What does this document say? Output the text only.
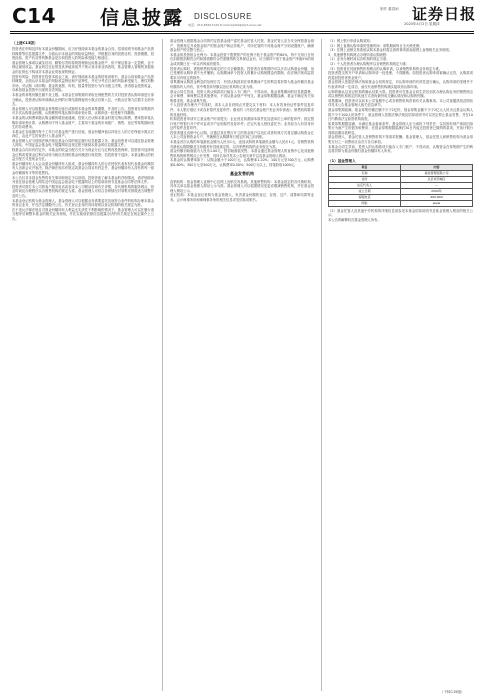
C14 信息披露 DISCLOSURE
电话：010-85617120 E-mail:zqrb9@zqrb.sina.net
制作 董春雨 证券日报
2020年4月2日 星期四
（上接C13版）

投资者在申购及持有本基金份额期间，应当仔细阅读本基金的基金合同、招募说明书和基金产品资料概要等信息披露文件，全面认识本基金的风险收益特征，并根据自身的投资目的、投资期限、投资经验、资产状况等判断基金是否和投资人的风险承受能力相适应。

基金管理人承诺以诚实信用、勤勉尽责的原则管理和运用基金资产，但不保证基金一定盈利，也不保证最低收益。基金的过往业绩及其净值高低并不预示其未来业绩表现，基金管理人管理的其他基金的业绩也不构成对本基金业绩表现的保证。

投资有风险，投资者在投资本基金之前，请仔细阅读本基金的招募说明书、基金合同和基金产品资料概要，全面认识本基金的风险收益特征和产品特性，并充分考虑自身的风险承受能力，理性判断市场，对认购（或申购）基金的意愿、时机、数量等投资行为作出独立决策，获得基金投资收益，亦承担基金投资中出现的各类风险。

本基金的募集份额总额不设上限。本基金在募集期内采取比例配售的方式对投资者认购申请进行部分确认，投资者认购申请确认比例的计算结果保留到小数点后第八位，小数点后第九位数字全部舍去。

基金管理人可以根据基金募集情况延长或缩短本基金的募集期限，并及时公告。投资者在募集期内可多次认购基金份额，认购费按每笔认购申请单独计算。认购申请一经受理不得撤销。

本基金的认购费率随认购金额的增加而递减，投资人在认购本基金时需交纳认购费，费率按单笔认购申请单独计算，认购费用不列入基金财产，主要用于基金的市场推广、销售、登记等募集期间发生的各项费用。

本基金在存续期内每个工作日对基金资产进行估值，基金份额净值以四舍五入的方法保留小数点后四位，由此产生的误差计入基金财产。

基金管理人应当按照法律法规及基金合同的规定履行信息披露义务，基金投资者可以通过基金管理人网站、中国证监会基金电子披露网站及规定报刊查阅本基金的信息披露文件。

除基金合同另有约定外，本基金的收益分配方式分为现金分红与红利再投资两种，投资者可选择现金红利或将现金红利自动转为相应类别的基金份额进行再投资；若投资者不选择，本基金默认的收益分配方式是现金分红。

基金份额持有人大会由基金份额持有人组成，基金份额持有人的合法授权代表有权代表基金份额持有人出席会议并表决。除法律法规另有规定或基金合同另有约定外，基金份额持有人持有的每一基金份额拥有平等的投票权。

本公告仅对本基金发售的有关事项和规定予以说明。投资者欲了解本基金的详细情况，请详细阅读刊登在基金管理人网站及中国证监会基金电子披露网站上的招募说明书及基金合同等法律文件。

投资者可拨打本公司的客户服务电话或登录本公司网站咨询有关详情，各代销机构的服务网点、营业时间及办理程序以各销售机构的规定为准。基金管理人可综合各种情况对募集安排做适当调整并及时公告。

本基金登记机构为基金管理人。基金管理人可以根据业务需要委托其他符合条件的机构办理本基金的登记业务，并在法定期限内公告，有关登记业务的具体规则以登记机构的相关规定为准。

在不违反法律法规且对基金份额持有人利益无实质性不利影响的情况下，基金管理人可以在履行适当程序后调整本基金的相关业务规则，并在实施前依照信息披露办法的有关规定在规定媒介上公告。

基金管理人根据基金合同的约定将基金财产委托基金托管人托管，基金托管人应当安全保管基金财产，按照规定开设基金财产的资金账户和证券账户，对所托管的不同基金财产分别设置账户，确保基金财产的完整与独立。

本基金的投资组合比例为：本基金投资于股票资产的比例不低于基金资产的80%，每个交易日日终在扣除股指期货合约和国债期货合约需缴纳的交易保证金后，应当保持不低于基金资产净值5%的现金或到期日在一年以内的政府债券。

投资者认购时，需按销售机构规定的方式全额缴款。投资者在募集期内可以多次认购基金份额，但已受理的认购申请不允许撤销。认购期间单个投资人的累计认购规模没有限制，但法律法规或监管要求另有规定的除外。

募集期间认购资金利息的处理方式：有效认购款项在募集期间产生的利息将折算为基金份额归基金份额持有人所有，其中利息转份额以登记机构的记录为准。

基金合同生效前，投资人的认购款项只能存入专门账户，不得动用。基金募集期间的信息披露费、会计师费、律师费以及其他费用，不得从基金财产中列支。基金募集期限届满，基金不满足有关募集要求的，基金募集失败。

个人投资者办理开户手续时，须本人亲自到网点并提交以下材料：本人有效身份证件原件及复印件；本人银行借记卡或存折原件及复印件；填妥的《开放式基金账户类业务申请表》；销售机构要求的其他材料。

机构投资者申请开立基金账户时须提交：企业营业执照副本原件及加盖单位公章的复印件；指定银行账户的银行开户许可证或开户证明原件及复印件；法定代表人授权委托书；业务经办人有效身份证件原件及复印件。

投资者通过直销中心认购，应通过其在银行开立的资金账户以电汇或者转账方式将足额认购资金汇入本公司直销资金专户，并确保在认购期每日规定时间之前到账。

本基金首次认购的单笔最低金额为人民币1元，追加认购的单笔最低金额为人民币1元。各销售机构对最低认购限额及交易级差有其他规定的，以各销售机构的业务规定为准。

基金份额初始面值为人民币1.00元，按初始面值发售。本基金通过基金管理人的直销中心及其他销售机构的销售网点公开发售，具体名单详见本公告相关章节以及基金管理人网站。

本基金的认购费率如下：认购金额小于100万元，认购费率1.20%；100万元至300万元，认购费率0.80%；300万元至500万元，认购费率0.50%；500万元以上，按笔收取1000元。

基金发售机构

直销机构：基金管理人直销中心及网上直销交易系统。其他销售机构：本基金指定的各代销机构，具体名单以基金管理人网站公示为准。基金管理人可以根据情况变更或增减销售机构，并在基金管理人网站公示。

登记机构：本基金登记机构为基金管理人，负责基金份额的登记、存管、过户、清算和结算等业务。会计师事务所和律师事务所的相关信息详见招募说明书。

（1）网上银行申请认购须知；

（2）网上直销认购申请的受理时间：募集期间每日全天候受理；

（3）在网上直销交易系统认购本基金时需注意的事项请参阅网上直销相关业务规则。

3、其他销售机构网点办理申请认购流程：

（1）业务办理时间以各机构的规定为准；

（2）个人投资者办理认购程序以各销售机构规定为准；

（3）投资者在其他销售机构网点的认购申请，以该销售机构的业务规定为准。

投资者提交的开户申请和认购申请一经受理，不得撤销。如投资者认购申请被确认无效，认购款项将退回投资者资金账户。

基金管理人依据法律法规和基金合同的规定，对认购申请的有效性进行确认，认购申请的受理并不代表该申请一定成功，而仅代表销售机构确实接收到认购申请。

认购的确认以登记机构的确认结果为准。投资者可在基金合同生效后到其办理认购业务的销售网点或以销售机构规定的其他方式查询最终成交确认情况和认购的份额。

募集期间，投资者可以向本公司客服中心或各销售机构咨询有关认购事项。本公司客服热线及网站详见本公告基金管理人相关信息章节。

基金募集期届满，基金募集份额总额不少于2亿份，基金募集金额不少于2亿元人民币且基金认购人数不少于200人的条件下，基金管理人依据法律法规及招募说明书可以决定停止基金发售，并在10日内聘请法定验资机构验资。

如果募集期限届满，未满足基金备案条件，基金管理人应当承担下列责任：以其固有财产承担因募集行为而产生的债务和费用；在基金募集期限届满后30日内返还投资者已缴纳的款项，并加计银行同期活期存款利息。

基金管理人、基金托管人及销售机构不得请求报酬。基金管理人、基金托管人和销售机构为基金募集支付之一切费用应由各方各自承担。

本基金合同生效前，投资人的认购款项只能存入专门账户，不得动用，认购资金在募集期产生的利息将折算为基金份额归基金份额持有人所有。

（1）基金管理人
项目	内容
名称	基金管理有限公司
住所	北京市西城区
法定代表人	—
成立日期	2004年
客服电话	400-800
网址	www

（2）基金托管人及其他中介机构的详细信息请参见本基金招募说明书及基金管理人网站的相关公示。

本公告的解释权归基金管理人所有。

（下转C15版）
